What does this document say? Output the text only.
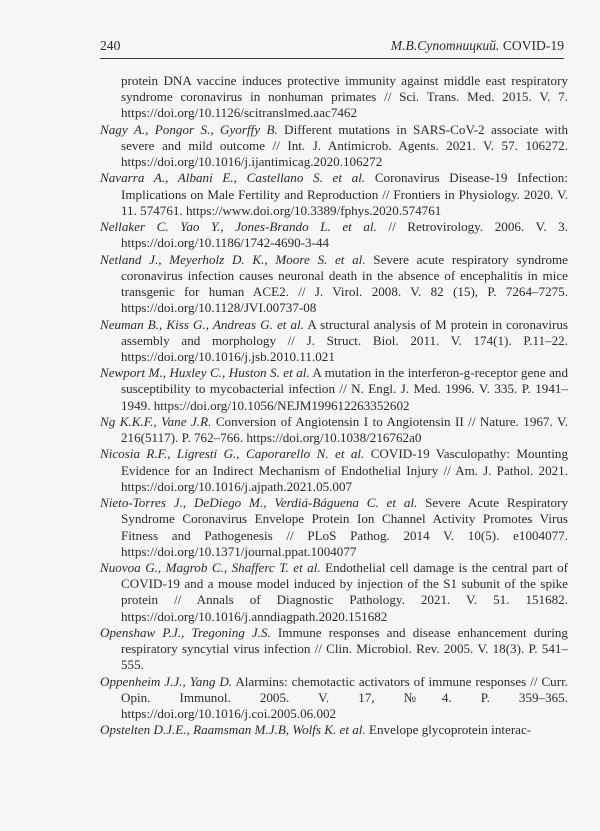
240	М.В.Супотницкий. COVID-19
protein DNA vaccine induces protective immunity against middle east respiratory syndrome coronavirus in nonhuman primates // Sci. Trans. Med. 2015. V. 7. https://doi.org/10.1126/scitranslmed.aac7462
Nagy A., Pongor S., Gyorffy B. Different mutations in SARS-CoV-2 associate with severe and mild outcome // Int. J. Antimicrob. Agents. 2021. V. 57. 106272. https://doi.org/10.1016/j.ijantimicag.2020.106272
Navarra A., Albani E., Castellano S. et al. Coronavirus Disease-19 Infection: Implications on Male Fertility and Reproduction // Frontiers in Physiology. 2020. V. 11. 574761. https://www.doi.org/10.3389/fphys.2020.574761
Nellaker C. Yao Y., Jones-Brando L. et al. // Retrovirology. 2006. V. 3. https://doi.org/10.1186/1742-4690-3-44
Netland J., Meyerholz D. K., Moore S. et al. Severe acute respiratory syndrome coronavirus infection causes neuronal death in the absence of encephalitis in mice transgenic for human ACE2. // J. Virol. 2008. V. 82 (15), P. 7264–7275. https://doi.org/10.1128/JVI.00737-08
Neuman B., Kiss G., Andreas G. et al. A structural analysis of M protein in coronavirus assembly and morphology // J. Struct. Biol. 2011. V. 174(1). P.11–22. https://doi.org/10.1016/j.jsb.2010.11.021
Newport M., Huxley C., Huston S. et al. A mutation in the interferon-g-receptor gene and susceptibility to mycobacterial infection // N. Engl. J. Med. 1996. V. 335. P. 1941–1949. https://doi.org/10.1056/NEJM199612263352602
Ng K.K.F., Vane J.R. Conversion of Angiotensin I to Angiotensin II // Nature. 1967. V. 216(5117). P. 762–766. https://doi.org/10.1038/216762a0
Nicosia R.F., Ligresti G., Caporarello N. et al. COVID-19 Vasculopathy: Mounting Evidence for an Indirect Mechanism of Endothelial Injury // Am. J. Pathol. 2021. https://doi.org/10.1016/j.ajpath.2021.05.007
Nieto-Torres J., DeDiego M., Verdiá-Báguena C. et al. Severe Acute Respiratory Syndrome Coronavirus Envelope Protein Ion Channel Activity Promotes Virus Fitness and Pathogenesis // PLoS Pathog. 2014 V. 10(5). e1004077. https://doi.org/10.1371/journal.ppat.1004077
Nuovoa G., Magrob C., Shafferc T. et al. Endothelial cell damage is the central part of COVID-19 and a mouse model induced by injection of the S1 subunit of the spike protein // Annals of Diagnostic Pathology. 2021. V. 51. 151682. https://doi.org/10.1016/j.anndiagpath.2020.151682
Openshaw P.J., Tregoning J.S. Immune responses and disease enhancement during respiratory syncytial virus infection // Clin. Microbiol. Rev. 2005. V. 18(3). P. 541–555.
Oppenheim J.J., Yang D. Alarmins: chemotactic activators of immune responses // Curr. Opin. Immunol. 2005. V. 17, №4. P. 359–365. https://doi.org/10.1016/j.coi.2005.06.002
Opstelten D.J.E., Raamsman M.J.B, Wolfs K. et al. Envelope glycoprotein interac-
